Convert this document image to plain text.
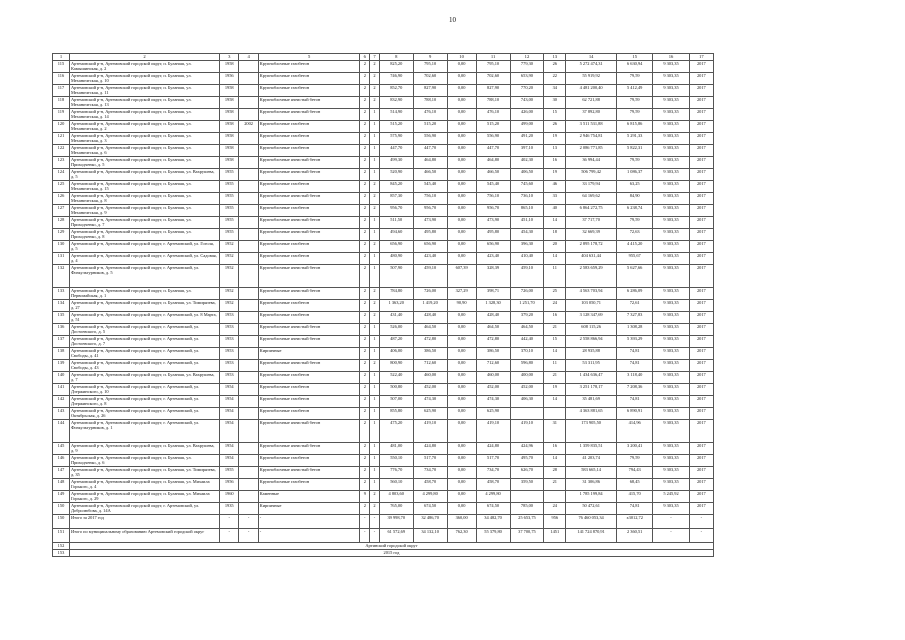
10
1	2	3	4	5	6	7	8	9	10	11	12	13	14	15	16	17
115	Артемовский р-н, Артемовский городской округ, п. Буланаш, ул. Камышинская, д. 2	1958		Крупноблочные газобетон	2	2	825,20	795,10	0,00	795,10	779,30	26	5 272 474,31	6 630,94	9 303,35	2017
116	Артемовский р-н, Артемовский городской округ, п. Буланаш, ул. Механическая, д. 10	1956		Крупноблочные газобетон	2	2	746,90	702,60	0,00	702,60	653,90	22	55 919,92	79,59	9 303,35	2017
117	Артемовский р-н, Артемовский городской округ, п. Буланаш, ул. Механическая, д. 11	1958		Крупноблочные газобетон	2	2	852,70	827,90	0,00	827,90	770,20	34	4 481 200,40	5 412,49	9 303,35	2017
118	Артемовский р-н, Артемовский городской округ, п. Буланаш, ул. Механическая, д. 13	1958		Крупноблочные ячеистый бетон	2	2	832,90	788,10	0,00	788,10	743,00	30	62 721,88	79,59	9 303,35	2017
119	Артемовский р-н, Артемовский городской округ, п. Буланаш, ул. Механическая, д. 14	1958		Крупноблочные ячеистый бетон	2	1	514,90	476,10	0,00	476,10	426,00	15	37 892,80	79,59	9 303,35	2017
120	Артемовский р-н, Артемовский городской округ, п. Буланаш, ул. Механическая, д. 2	1958	2002	Крупноблочные газобетон	2	1	515,20	515,20	0,00	515,20	499,00	26	3 511 531,88	6 815,86	9 303,35	2017
121	Артемовский р-н, Артемовский городской округ, п. Буланаш, ул. Механическая, д. 3	1958		Крупноблочные газобетон	2	1	575,90	556,90	0,00	556,90	491,20	19	2 946 754,81	5 291,33	9 303,35	2017
122	Артемовский р-н, Артемовский городской округ, п. Буланаш, ул. Механическая, д. 6	1958		Крупноблочные газобетон	2	1	447,70	447,70	0,00	447,70	397,10	13	2 086 771,85	5 822,31	9 303,35	2017
123	Артемовский р-н, Артемовский городской округ, п. Буланаш, ул. Приходченко, д. 5	1958		Крупноблочные ячеистый бетон	2	1	499,30	464,80	0,00	464,80	402,30	16	36 994,44	79,59	9 303,35	2017
124	Артемовский р-н, Артемовский городской округ, п. Буланаш, ул. Вахрушева, д. 5	1955		Крупноблочные ячеистый бетон	2	1	520,90	466,50	0,00	466,50	406,50	19	506 799,42	1 086,37	9 303,35	2017
125	Артемовский р-н, Артемовский городской округ, п. Буланаш, ул. Механическая, д. 15	1955		Крупноблочные газобетон	2	2	845,20	545,40	0,00	545,40	745,60	46	33 179,94	63,25	9 303,35	2017
126	Артемовский р-н, Артемовский городской округ, п. Буланаш, ул. Механическая, д. 8	1955		Крупноблочные ячеистый бетон	2	2	857,30	756,10	0,00	756,10	736,10	33	64 169,62	84,90	9 303,35	2017
127	Артемовский р-н, Артемовский городской округ, п. Буланаш, ул. Механическая, д. 9	1955		Крупноблочные газобетон	2	2	956,70	956,70	0,00	956,70	865,10	40	6 864 272,75	6 238,74	9 303,35	2017
128	Артемовский р-н, Артемовский городской округ, п. Буланаш, ул. Приходченко, д. 7	1955		Крупноблочные ячеистый бетон	2	1	511,50	473,90	0,00	473,90	451,10	14	37 717,70	79,59	9 303,35	2017
129	Артемовский р-н, Артемовский городской округ, п. Буланаш, ул. Приходченко, д. 8	1955		Крупноблочные ячеистый бетон	2	1	494,60	495,80	0,00	495,80	454,30	18	32 669,39	72,63	9 303,35	2017
130	Артемовский р-н, Артемовский городской округ, г. Артемовский, ул. Гоголя, д. 5	1952		Крупноблочные газобетон	2	2	656,90	656,90	0,00	656,90	396,30	20	2 895 178,72	4 415,20	9 303,35	2017
131	Артемовский р-н, Артемовский городской округ, г. Артемовский, ул. Садовая, д. 4	1952		Крупноблочные газобетон	2	1	480,90	423,40	0,00	423,40	410,40	14	404 631,44	955,67	9 303,35	2017
132	Артемовский р-н, Артемовский городской округ, г. Артемовский, ул. Физкультурников, д. 5	1952		Крупноблочные ячеистый бетон	2	1	507,90	459,10	607,39	328,39	459,10	11	2 583 659,29	5 627,66	9 303,35	2017
133	Артемовский р-н, Артемовский городской округ, п. Буланаш, ул. Первомайская, д. 1	1952		Крупноблочные ячеистый бетон	2	2	784,80	726,00	327,29	398,71	726,00	25	4 563 703,94	6 286,09	9 303,35	2017
134	Артемовский р-н, Артемовский городской округ, п. Буланаш, ул. Тимирязева, д. 27	1952		Крупноблочные газобетон	2	2	1 363,20	1 419,20	90,90	1 328,30	1 251,70	24	103 050,71	72,61	9 303,35	2017
135	Артемовский р-н, Артемовский городской округ, г. Артемовский, ул. 8 Марта, д. 51	1953		Крупноблочные газобетон	2	2	431,40	428,40	0,00	428,40	379,20	16	3 128 347,69	7 327,83	9 303,35	2017
136	Артемовский р-н, Артемовский городской округ, г. Артемовский, ул. Достоевского, д. 5	1953		Крупноблочные ячеистый бетон	2	1	526,00	464,50	0,00	464,50	464,50	21	608 115,26	1 308,28	9 303,35	2017
137	Артемовский р-н, Артемовский городской округ, г. Артемовский, ул. Достоевского, д. 7	1953		Крупноблочные ячеистый бетон	2	1	487,20	472,80	0,00	472,80	442,40	15	2 558 866,94	5 393,29	9 303,35	2017
138	Артемовский р-н, Артемовский городской округ, г. Артемовский, ул. Свободы, д. 41	1953		Кирпичные	2	1	406,00	386,50	0,00	386,50	370,10	14	28 935,88	74,81	9 303,35	2017
139	Артемовский р-н, Артемовский городской округ, г. Артемовский, ул. Свободы, д. 43	1953		Крупноблочные ячеистый бетон	2	2	800,90	712,60	0,00	712,60	596,80	11	53 311,95	74,81	9 303,35	2017
140	Артемовский р-н, Артемовский городской округ, п. Буланаш, ул. Вахрушева, д. 7	1953		Крупноблочные газобетон	2	1	522,40	460,00	0,00	460,00	400,00	21	1 434 636,47	3 118,40	9 303,35	2017
141	Артемовский р-н, Артемовский городской округ, г. Артемовский, ул. Дзержинского, д. 10	1954		Крупноблочные газобетон	2	1	500,80	452,00	0,00	452,00	452,00	19	3 251 178,17	7 208,36	9 303,35	2017
142	Артемовский р-н, Артемовский городской округ, г. Артемовский, ул. Дзержинского, д. 8	1954		Крупноблочные газобетон	2	1	507,00	474,30	0,00	474,30	406,30	14	35 481,69	74,81	9 303,35	2017
143	Артемовский р-н, Артемовский городской округ, г. Артемовский, ул. Октябрьская, д. 26	1954		Крупноблочные газобетон	2	1	855,80	625,90	0,00	625,90			4 363 881,65	6 890,91	9 303,35	2017
144	Артемовский р-н, Артемовский городской округ, г. Артемовский, ул. Физкультурников, д. 1	1954		Крупноблочные ячеистый бетон	2	1	475,20	419,10	0,00	419,10	419,10	31	173 905,50	414,96	9 303,35	2017
145	Артемовский р-н, Артемовский городской округ, п. Буланаш, ул. Вахрушева, д. 9	1954		Крупноблочные ячеистый бетон	2	1	481,00	424,80	0,00	424,80	424,96	16	1 359 835,51	3 200,41	9 303,35	2017
146	Артемовский р-н, Артемовский городской округ, п. Буланаш, ул. Приходченко, д. 6	1954		Крупноблочные газобетон	2	1	550,10	517,70	0,00	517,70	495,70	14	41 203,74	79,59	9 303,35	2017
147	Артемовский р-н, Артемовский городской округ, п. Буланаш, ул. Тимирязева, д. 35	1955		Крупноблочные ячеистый бетон	2	1	776,70	734,70	0,00	734,70	626,70	28	583 665,14	794,43	9 303,35	2017
148	Артемовский р-н, Артемовский городской округ, п. Буланаш, ул. Михаила Горького, д. 4	1956		Крупноблочные газобетон	2	1	560,10	458,70	0,00	458,70	359,50	21	31 306,86	68,45	9 303,35	2017
149	Артемовский р-н, Артемовский городской округ, п. Буланаш, ул. Михаила Горького, д. 29	1960		Каменные	9	2	4 803,60	4 299,80	0,00	4 299,80			1 785 199,84	415,70	5 245,92	2017
150	Артемовский р-н, Артемовский городской округ, г. Артемовский, ул. Добролюбова, д. 14А	1935		Кирпичные	2	2	765,00	674,50	0,00	674,50	785,00	24	50 472,61	74,81	9 303,35	2017
150	Итого за 2017 год	-	-	-	-	-	39 998,70	32 486,70	360,00	34 482,70	25 653,75	956	76 460 053,34	x3012,72	-	-
151	Итого по муниципальному образованию Артемовский городской округ	-	-	-	-	-	61 572,69	34 132,10	762,30	55 379,80	37 700,75	1451	141 724 870,91	2 360,51	-	-
152	Артинский городской округ															
153	2015 год															
